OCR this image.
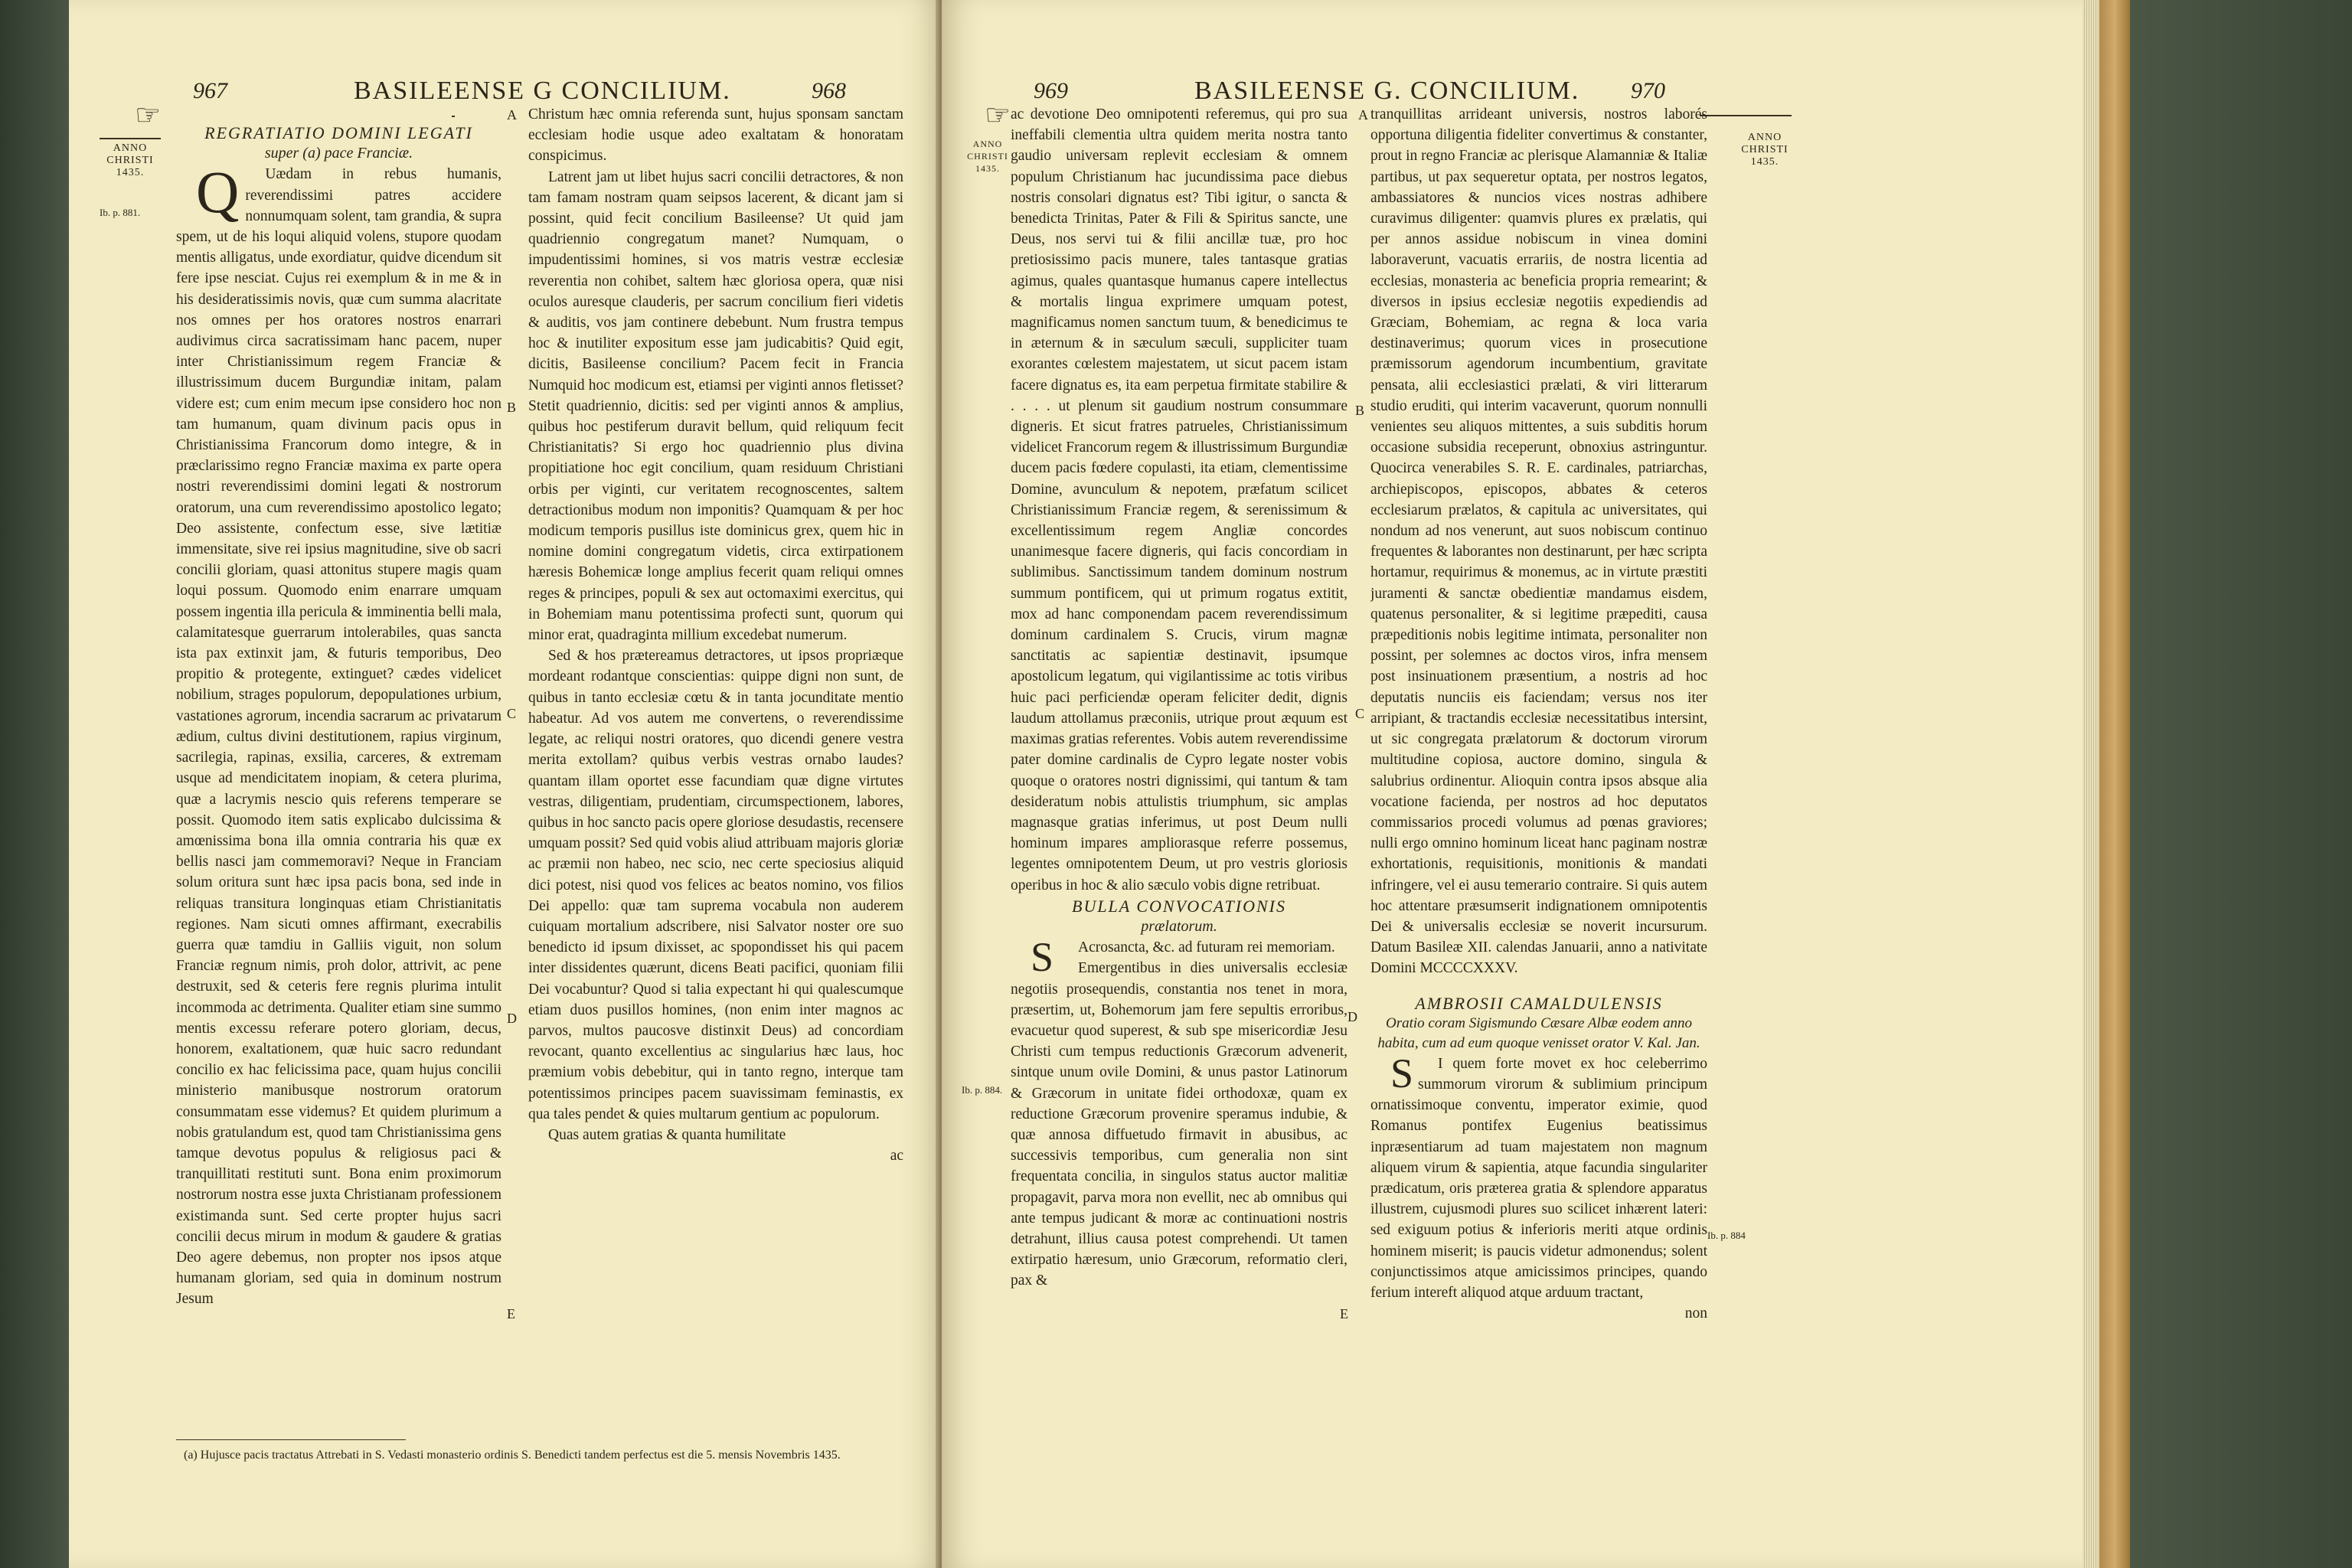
☞
967	BASILEENSE G CONCILIUM.	968
ANNO
CHRISTI
1435.
Ib. p. 881.
A
B
C
D
E

REGRATIATIO DOMINI LEGATI

super (a) pace Franciæ.

Q Uædam in rebus humanis, reverendissimi patres accidere nonnumquam solent, tam grandia, & supra spem, ut de his loqui aliquid volens, stupore quodam mentis alligatus, unde exordiatur, quidve dicendum sit fere ipse nesciat. Cujus rei exemplum & in me & in his desideratissimis novis, quæ cum summa alacritate nos omnes per hos oratores nostros enarrari audivimus circa sacratissimam hanc pacem, nuper inter Christianissimum regem Franciæ & illustrissimum ducem Burgundiæ initam, palam videre est; cum enim mecum ipse considero hoc non tam humanum, quam divinum pacis opus in Christianissima Francorum domo integre, & in præclarissimo regno Franciæ maxima ex parte opera nostri reverendissimi domini legati & nostrorum oratorum, una cum reverendissimo apostolico legato; Deo assistente, confectum esse, sive lætitiæ immensitate, sive rei ipsius magnitudine, sive ob sacri concilii gloriam, quasi attonitus stupere magis quam loqui possum. Quomodo enim enarrare umquam possem ingentia illa pericula & imminentia belli mala, calamitatesque guerrarum intolerabiles, quas sancta ista pax extinxit jam, & futuris temporibus, Deo propitio & protegente, extinguet? cædes videlicet nobilium, strages populorum, depopulationes urbium, vastationes agrorum, incendia sacrarum ac privatarum ædium, cultus divini destitutionem, rapius virginum, sacrilegia, rapinas, exsilia, carceres, & extremam usque ad mendicitatem inopiam, & cetera plurima, quæ a lacrymis nescio quis referens temperare se possit. Quomodo item satis explicabo dulcissima & amœnissima bona illa omnia contraria his quæ ex bellis nasci jam commemoravi? Neque in Franciam solum oritura sunt hæc ipsa pacis bona, sed inde in reliquas transitura longinquas etiam Christianitatis regiones. Nam sicuti omnes affirmant, execrabilis guerra quæ tamdiu in Galliis viguit, non solum Franciæ regnum nimis, proh dolor, attrivit, ac pene destruxit, sed & ceteris fere regnis plurima intulit incommoda ac detrimenta. Qualiter etiam sine summo mentis excessu referare potero gloriam, decus, honorem, exaltationem, quæ huic sacro redundant concilio ex hac felicissima pace, quam hujus concilii ministerio manibusque nostrorum oratorum consummatam esse videmus? Et quidem plurimum a nobis gratulandum est, quod tam Christianissima gens tamque devotus populus & religiosus paci & tranquillitati restituti sunt. Bona enim proximorum nostrorum nostra esse juxta Christianam professionem existimanda sunt. Sed certe propter hujus sacri concilii decus mirum in modum & gaudere & gratias Deo agere debemus, non propter nos ipsos atque humanam gloriam, sed quia in dominum nostrum Jesum

Christum hæc omnia referenda sunt, hujus sponsam sanctam ecclesiam hodie usque adeo exaltatam & honoratam conspicimus.

Latrent jam ut libet hujus sacri concilii detractores, & non tam famam nostram quam seipsos lacerent, & dicant jam si possint, quid fecit concilium Basileense? Ut quid jam quadriennio congregatum manet? Numquam, o impudentissimi homines, si vos matris vestræ ecclesiæ reverentia non cohibet, saltem hæc gloriosa opera, quæ nisi oculos auresque clauderis, per sacrum concilium fieri videtis & auditis, vos jam continere debebunt. Num frustra tempus hoc & inutiliter expositum esse jam judicabitis? Quid egit, dicitis, Basileense concilium? Pacem fecit in Francia Numquid hoc modicum est, etiamsi per viginti annos fletisset? Stetit quadriennio, dicitis: sed per viginti annos & amplius, quibus hoc pestiferum duravit bellum, quid reliquum fecit Christianitatis? Si ergo hoc quadriennio plus divina propitiatione hoc egit concilium, quam residuum Christiani orbis per viginti, cur veritatem recognoscentes, saltem detractionibus modum non imponitis? Quamquam & per hoc modicum temporis pusillus iste dominicus grex, quem hic in nomine domini congregatum videtis, circa extirpationem hæresis Bohemicæ longe amplius fecerit quam reliqui omnes reges & principes, populi & sex aut octomaximi exercitus, qui in Bohemiam manu potentissima profecti sunt, quorum qui minor erat, quadraginta millium excedebat numerum.

Sed & hos prætereamus detractores, ut ipsos propriæque mordeant rodantque conscientias: quippe digni non sunt, de quibus in tanto ecclesiæ cœtu & in tanta jocunditate mentio habeatur. Ad vos autem me convertens, o reverendissime legate, ac reliqui nostri oratores, quo dicendi genere vestra merita extollam? quibus verbis vestras ornabo laudes? quantam illam oportet esse facundiam quæ digne virtutes vestras, diligentiam, prudentiam, circumspectionem, labores, quibus in hoc sancto pacis opere gloriose desudastis, recensere umquam possit? Sed quid vobis aliud attribuam majoris gloriæ ac præmii non habeo, nec scio, nec certe speciosius aliquid dici potest, nisi quod vos felices ac beatos nomino, vos filios Dei appello: quæ tam suprema vocabula non auderem cuiquam mortalium adscribere, nisi Salvator noster ore suo benedicto id ipsum dixisset, ac spopondisset his qui pacem inter dissidentes quærunt, dicens Beati pacifici, quoniam filii Dei vocabuntur? Quod si talia expectant hi qui qualescumque etiam duos pusillos homines, (non enim inter magnos ac parvos, multos paucosve distinxit Deus) ad concordiam revocant, quanto excellentius ac singularius hæc laus, hoc præmium vobis debebitur, qui in tanto regno, interque tam potentissimos principes pacem suavissimam feminastis, ex qua tales pendet & quies multarum gentium ac populorum.

Quas autem gratias & quanta humilitate

ac

(a) Hujusce pacis tractatus Attrebati in S. Vedasti monasterio ordinis S. Benedicti tandem perfectus est die 5. mensis Novembris 1435.
☞
969	BASILEENSE G. CONCILIUM. 970
ANNO
CHRISTI
1435.
ANNO
CHRISTI
1435.
Ib. p. 884.
Ib. p. 884
A
B
C
D
E

ac devotione Deo omnipotenti referemus, qui pro sua ineffabili clementia ultra quidem merita nostra tanto gaudio universam replevit ecclesiam & omnem populum Christianum hac jucundissima pace diebus nostris consolari dignatus est? Tibi igitur, o sancta & benedicta Trinitas, Pater & Fili & Spiritus sancte, une Deus, nos servi tui & filii ancillæ tuæ, pro hoc pretiosissimo pacis munere, tales tantasque gratias agimus, quales quantasque humanus capere intellectus & mortalis lingua exprimere umquam potest, magnificamus nomen sanctum tuum, & benedicimus te in æternum & in sæculum sæculi, suppliciter tuam exorantes cœlestem majestatem, ut sicut pacem istam facere dignatus es, ita eam perpetua firmitate stabilire & . . . . ut plenum sit gaudium nostrum consummare digneris. Et sicut fratres patrueles, Christianissimum videlicet Francorum regem & illustrissimum Burgundiæ ducem pacis fœdere copulasti, ita etiam, clementissime Domine, avunculum & nepotem, præfatum scilicet Christianissimum Franciæ regem, & serenissimum & excellentissimum regem Angliæ concordes unanimesque facere digneris, qui facis concordiam in sublimibus. Sanctissimum tandem dominum nostrum summum pontificem, qui ut primum rogatus extitit, mox ad hanc componendam pacem reverendissimum dominum cardinalem S. Crucis, virum magnæ sanctitatis ac sapientiæ destinavit, ipsumque apostolicum legatum, qui vigilantissime ac totis viribus huic paci perficiendæ operam feliciter dedit, dignis laudum attollamus præconiis, utrique prout æquum est maximas gratias referentes. Vobis autem reverendissime pater domine cardinalis de Cypro legate noster vobis quoque o oratores nostri dignissimi, qui tantum & tam desideratum nobis attulistis triumphum, sic amplas magnasque gratias inferimus, ut post Deum nulli hominum impares ampliorasque referre possemus, legentes omnipotentem Deum, ut pro vestris gloriosis operibus in hoc & alio sæculo vobis digne retribuat.

BULLA CONVOCATIONIS

prælatorum.

S Acrosancta, &c. ad futuram rei memoriam.

Emergentibus in dies universalis ecclesiæ negotiis prosequendis, constantia nos tenet in mora, præsertim, ut, Bohemorum jam fere sepultis erroribus, evacuetur quod superest, & sub spe misericordiæ Jesu Christi cum tempus reductionis Græcorum advenerit, sintque unum ovile Domini, & unus pastor Latinorum & Græcorum in unitate fidei orthodoxæ, quam ex reductione Græcorum provenire speramus indubie, & quæ annosa diffuetudo firmavit in abusibus, ac successivis temporibus, cum generalia non sint frequentata concilia, in singulos status auctor malitiæ propagavit, parva mora non evellit, nec ab omnibus qui ante tempus judicant & moræ ac continuationi nostris detrahunt, illius causa potest comprehendi. Ut tamen extirpatio hæresum, unio Græcorum, reformatio cleri, pax &

tranquillitas arrideant universis, nostros laborés opportuna diligentia fideliter convertimus & constanter, prout in regno Franciæ ac plerisque Alamanniæ & Italiæ partibus, ut pax sequeretur optata, per nostros legatos, ambassiatores & nuncios vices nostras adhibere curavimus diligenter: quamvis plures ex prælatis, qui per annos assidue nobiscum in vinea domini laboraverunt, vacuatis errariis, de nostra licentia ad ecclesias, monasteria ac beneficia propria remearint; & diversos in ipsius ecclesiæ negotiis expediendis ad Græciam, Bohemiam, ac regna & loca varia destinaverimus; quorum vices in prosecutione præmissorum agendorum incumbentium, gravitate pensata, alii ecclesiastici prælati, & viri litterarum studio eruditi, qui interim vacaverunt, quorum nonnulli venientes seu aliquos mittentes, a suis subditis horum occasione subsidia receperunt, obnoxius astringuntur. Quocirca venerabiles S. R. E. cardinales, patriarchas, archiepiscopos, episcopos, abbates & ceteros ecclesiarum prælatos, & capitula ac universitates, qui nondum ad nos venerunt, aut suos nobiscum continuo frequentes & laborantes non destinarunt, per hæc scripta hortamur, requirimus & monemus, ac in virtute præstiti juramenti & sanctæ obedientiæ mandamus eisdem, quatenus personaliter, & si legitime præpediti, causa præpeditionis nobis legitime intimata, personaliter non possint, per solemnes ac doctos viros, infra mensem post insinuationem præsentium, a nostris ad hoc deputatis nunciis eis faciendam; versus nos iter arripiant, & tractandis ecclesiæ necessitatibus intersint, ut sic congregata prælatorum & doctorum virorum multitudine copiosa, auctore domino, singula & salubrius ordinentur. Alioquin contra ipsos absque alia vocatione facienda, per nostros ad hoc deputatos commissarios procedi volumus ad pœnas graviores; nulli ergo omnino hominum liceat hanc paginam nostræ exhortationis, requisitionis, monitionis & mandati infringere, vel ei ausu temerario contraire. Si quis autem hoc attentare præsumserit indignationem omnipotentis Dei & universalis ecclesiæ se noverit incursurum. Datum Basileæ XII. calendas Januarii, anno a nativitate Domini MCCCCXXXV.

AMBROSII CAMALDULENSIS

Oratio coram Sigismundo Cæsare Albæ eodem anno habita, cum ad eum quoque venisset orator V. Kal. Jan.

S I quem forte movet ex hoc celeberrimo summorum virorum & sublimium principum ornatissimoque conventu, imperator eximie, quod Romanus pontifex Eugenius beatissimus inpræsentiarum ad tuam majestatem non magnum aliquem virum & sapientia, atque facundia singulariter prædicatum, oris præterea gratia & splendore apparatus illustrem, cujusmodi plures suo scilicet inhærent lateri: sed exiguum potius & inferioris meriti atque ordinis hominem miserit; is paucis videtur admonendus; solent conjunctissimos atque amicissimos principes, quando ferium intereft aliquod atque arduum tractant,

non
